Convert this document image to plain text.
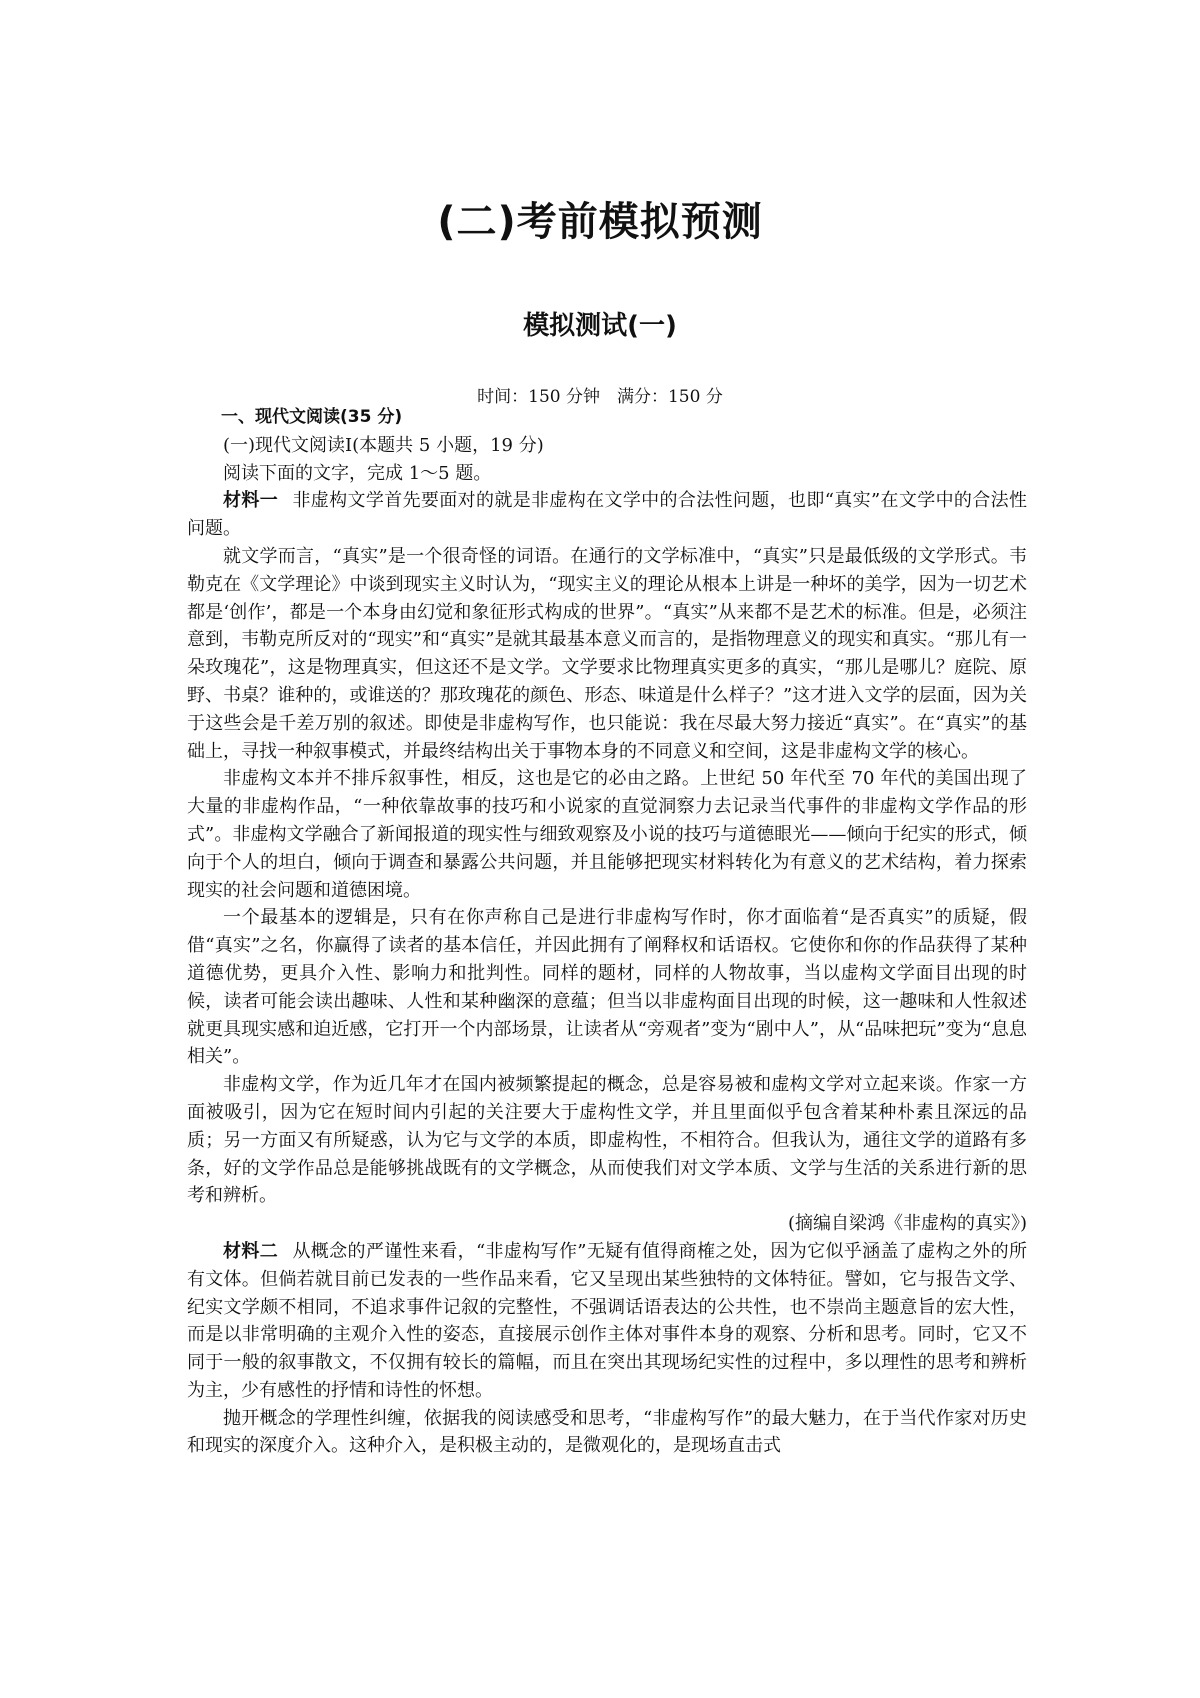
(二)考前模拟预测
模拟测试(一)
时间：150 分钟　满分：150 分

一、现代文阅读(35 分)

(一)现代文阅读Ⅰ(本题共 5 小题，19 分)

阅读下面的文字，完成 1～5 题。

材料一 非虚构文学首先要面对的就是非虚构在文学中的合法性问题，也即“真实”在文学中的合法性问题。

就文学而言，“真实”是一个很奇怪的词语。在通行的文学标准中，“真实”只是最低级的文学形式。韦勒克在《文学理论》中谈到现实主义时认为，“现实主义的理论从根本上讲是一种坏的美学，因为一切艺术都是‘创作’，都是一个本身由幻觉和象征形式构成的世界”。“真实”从来都不是艺术的标准。但是，必须注意到，韦勒克所反对的“现实”和“真实”是就其最基本意义而言的，是指物理意义的现实和真实。“那儿有一朵玫瑰花”，这是物理真实，但这还不是文学。文学要求比物理真实更多的真实，“那儿是哪儿？庭院、原野、书桌？谁种的，或谁送的？那玫瑰花的颜色、形态、味道是什么样子？”这才进入文学的层面，因为关于这些会是千差万别的叙述。即使是非虚构写作，也只能说：我在尽最大努力接近“真实”。在“真实”的基础上，寻找一种叙事模式，并最终结构出关于事物本身的不同意义和空间，这是非虚构文学的核心。

非虚构文本并不排斥叙事性，相反，这也是它的必由之路。上世纪 50 年代至 70 年代的美国出现了大量的非虚构作品，“一种依靠故事的技巧和小说家的直觉洞察力去记录当代事件的非虚构文学作品的形式”。非虚构文学融合了新闻报道的现实性与细致观察及小说的技巧与道德眼光——倾向于纪实的形式，倾向于个人的坦白，倾向于调查和暴露公共问题，并且能够把现实材料转化为有意义的艺术结构，着力探索现实的社会问题和道德困境。

一个最基本的逻辑是，只有在你声称自己是进行非虚构写作时，你才面临着“是否真实”的质疑，假借“真实”之名，你赢得了读者的基本信任，并因此拥有了阐释权和话语权。它使你和你的作品获得了某种道德优势，更具介入性、影响力和批判性。同样的题材，同样的人物故事，当以虚构文学面目出现的时候，读者可能会读出趣味、人性和某种幽深的意蕴；但当以非虚构面目出现的时候，这一趣味和人性叙述就更具现实感和迫近感，它打开一个内部场景，让读者从“旁观者”变为“剧中人”，从“品味把玩”变为“息息相关”。

非虚构文学，作为近几年才在国内被频繁提起的概念，总是容易被和虚构文学对立起来谈。作家一方面被吸引，因为它在短时间内引起的关注要大于虚构性文学，并且里面似乎包含着某种朴素且深远的品质；另一方面又有所疑惑，认为它与文学的本质，即虚构性，不相符合。但我认为，通往文学的道路有多条，好的文学作品总是能够挑战既有的文学概念，从而使我们对文学本质、文学与生活的关系进行新的思考和辨析。

(摘编自梁鸿《非虚构的真实》)

材料二 从概念的严谨性来看，“非虚构写作”无疑有值得商榷之处，因为它似乎涵盖了虚构之外的所有文体。但倘若就目前已发表的一些作品来看，它又呈现出某些独特的文体特征。譬如，它与报告文学、纪实文学颇不相同，不追求事件记叙的完整性，不强调话语表达的公共性，也不崇尚主题意旨的宏大性，而是以非常明确的主观介入性的姿态，直接展示创作主体对事件本身的观察、分析和思考。同时，它又不同于一般的叙事散文，不仅拥有较长的篇幅，而且在突出其现场纪实性的过程中，多以理性的思考和辨析为主，少有感性的抒情和诗性的怀想。

抛开概念的学理性纠缠，依据我的阅读感受和思考，“非虚构写作”的最大魅力，在于当代作家对历史和现实的深度介入。这种介入，是积极主动的，是微观化的，是现场直击式
